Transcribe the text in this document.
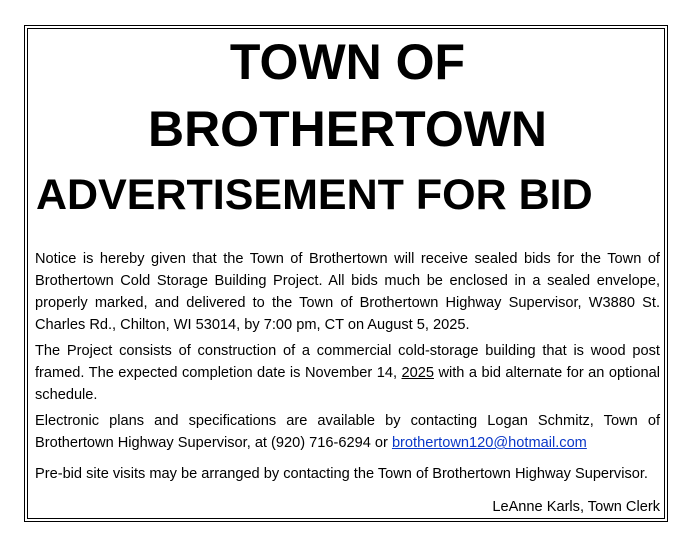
TOWN OF
BROTHERTOWN
ADVERTISEMENT FOR BID

Notice is hereby given that the Town of Brothertown will receive sealed bids for the Town of Brothertown Cold Storage Building Project. All bids much be enclosed in a sealed envelope, properly marked, and delivered to the Town of Brothertown Highway Supervisor, W3880 St. Charles Rd., Chilton, WI 53014, by 7:00 pm, CT on August 5, 2025.

The Project consists of construction of a commercial cold-storage building that is wood post framed. The expected completion date is November 14, 2025 with a bid alternate for an optional schedule.

Electronic plans and specifications are available by contacting Logan Schmitz, Town of Brothertown Highway Supervisor, at (920) 716-6294 or brothertown120@hotmail.com

Pre-bid site visits may be arranged by contacting the Town of Brothertown Highway Supervisor.

LeAnne Karls, Town Clerk
